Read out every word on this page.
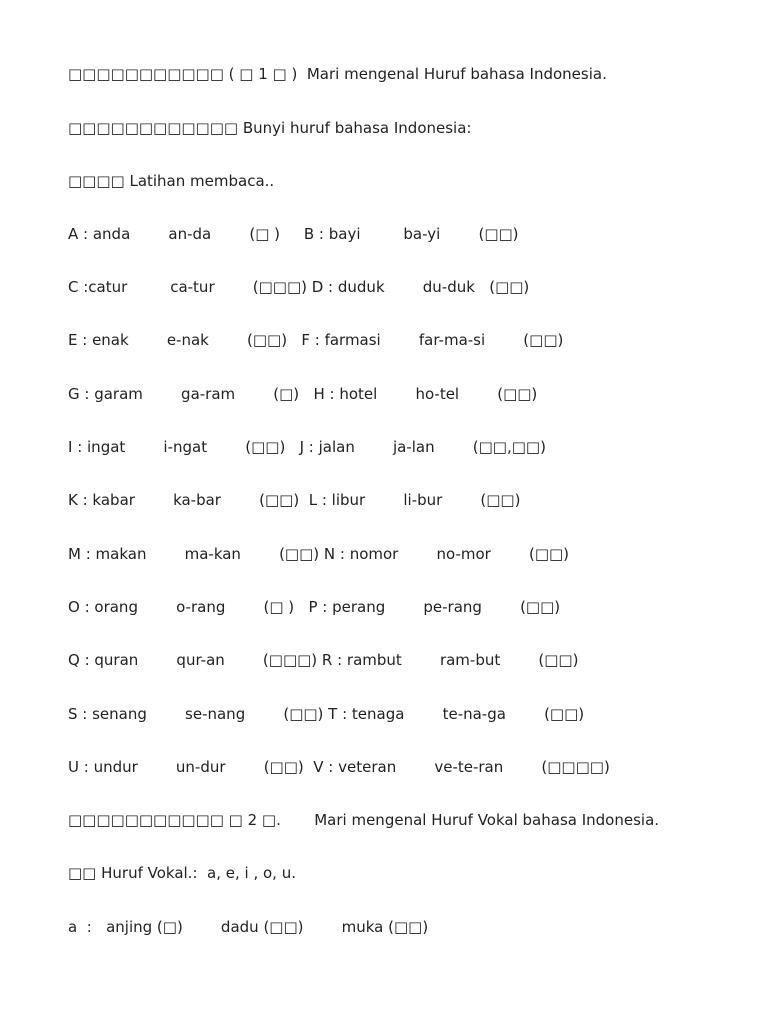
□□□□□□□□□□□ ( □ 1 □ )  Mari mengenal Huruf bahasa Indonesia.
□□□□□□□□□□□□ Bunyi huruf bahasa Indonesia:
□□□□ Latihan membaca..
A : anda        an-da        (□ )     B : bayi         ba-yi        (□□)
C :catur         ca-tur        (□□□) D : duduk        du-duk   (□□)
E : enak        e-nak        (□□)   F : farmasi        far-ma-si        (□□)
G : garam        ga-ram        (□)   H : hotel        ho-tel        (□□)
I : ingat        i-ngat        (□□)   J : jalan        ja-lan        (□□,□□)
K : kabar        ka-bar        (□□)  L : libur        li-bur        (□□)
M : makan        ma-kan        (□□) N : nomor        no-mor        (□□)
O : orang        o-rang        (□ )   P : perang        pe-rang        (□□)
Q : quran        qur-an        (□□□) R : rambut        ram-but        (□□)
S : senang        se-nang        (□□) T : tenaga        te-na-ga        (□□)
U : undur        un-dur        (□□)  V : veteran        ve-te-ran        (□□□□)
□□□□□□□□□□□ □ 2 □.       Mari mengenal Huruf Vokal bahasa Indonesia.
□□ Huruf Vokal.:  a, e, i , o, u.
a  :   anjing (□)        dadu (□□)        muka (□□)
